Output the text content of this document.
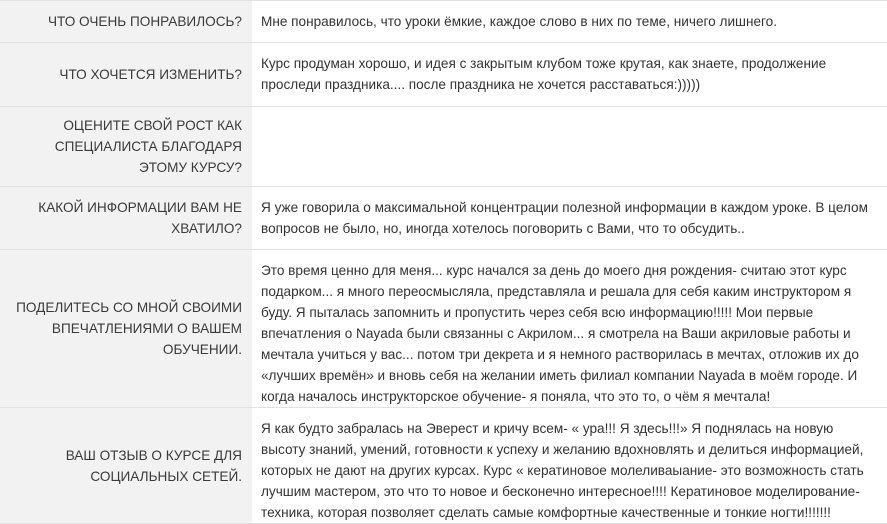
ЧТО ОЧЕНЬ ПОНРАВИЛОСЬ? Мне понравилось, что уроки ёмкие, каждое слово в них по теме, ничего лишнего.
ЧТО ХОЧЕТСЯ ИЗМЕНИТЬ?
Курс продуман хорошо, и идея с закрытым клубом тоже крутая, как знаете, продолжение проследи праздника.... после праздника не хочется расставаться:)))))
ОЦЕНИТЕ СВОЙ РОСТ КАК СПЕЦИАЛИСТА БЛАГОДАРЯ ЭТОМУ КУРСУ?
КАКОЙ ИНФОРМАЦИИ ВАМ НЕ ХВАТИЛО?
Я уже говорила о максимальной концентрации полезной информации в каждом уроке. В целом вопросов не было, но, иногда хотелось поговорить с Вами, что то обсудить..
ПОДЕЛИТЕСЬ СО МНОЙ СВОИМИ ВПЕЧАТЛЕНИЯМИ О ВАШЕМ ОБУЧЕНИИ.
Это время ценно для меня... курс начался за день до моего дня рождения- считаю этот курс подарком... я много переосмысляла, представляла и решала для себя каким инструктором я буду. Я пыталась запомнить и пропустить через себя всю информацию!!!!! Мои первые впечатления о Nayada были связанны с Акрилом... я смотрела на Ваши акриловые работы и мечтала учиться у вас... потом три декрета и я немного растворилась в мечтах, отложив их до «лучших времён» и вновь себя на желании иметь филиал компании Nayada в моём городе. И когда началось инструкторское обучение- я поняла, что это то, о чём я мечтала!
ВАШ ОТЗЫВ О КУРСЕ ДЛЯ СОЦИАЛЬНЫХ СЕТЕЙ.
Я как будто забралась на Эверест и кричу всем- « ура!!! Я здесь!!!» Я поднялась на новую высоту знаний, умений, готовности к успеху и желанию вдохновлять и делиться информацией, которых не дают на других курсах. Курс « кератиновое молеливаыание- это возможность стать лучшим мастером, это что то новое и бесконечно интересное!!!! Кератиновое моделирование- техника, которая позволяет сделать самые комфортные качественные и тонкие ногти!!!!!!!
